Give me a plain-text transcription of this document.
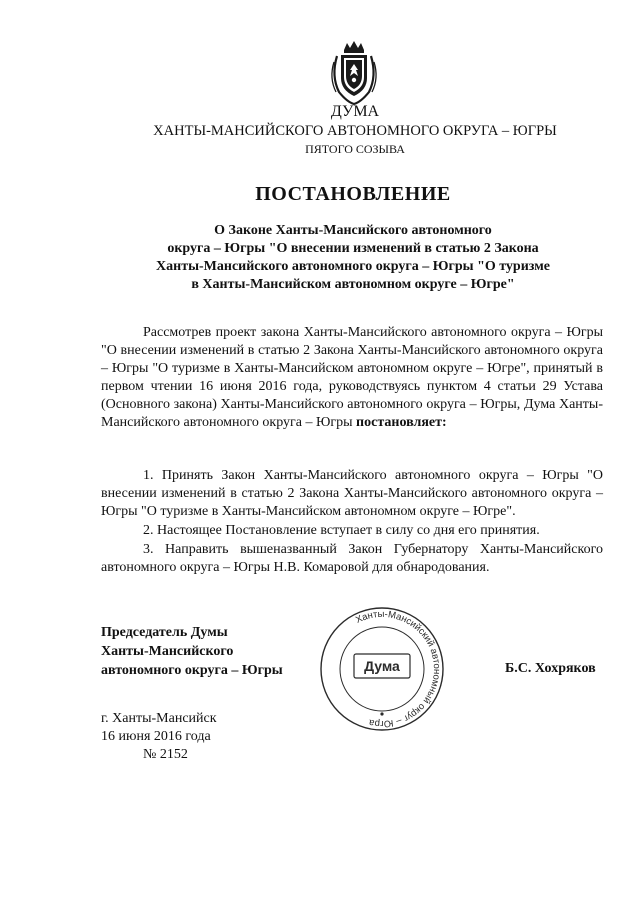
ДУМА
ХАНТЫ-МАНСИЙСКОГО АВТОНОМНОГО ОКРУГА – ЮГРЫ
ПЯТОГО СОЗЫВА
ПОСТАНОВЛЕНИЕ
О Законе Ханты-Мансийского автономного
округа – Югры "О внесении изменений в статью 2 Закона
Ханты-Мансийского автономного округа – Югры "О туризме
в Ханты-Мансийском автономном округе – Югре"
Рассмотрев проект закона Ханты-Мансийского автономного округа – Югры "О внесении изменений в статью 2 Закона Ханты-Мансийского автономного округа – Югры "О туризме в Ханты-Мансийском автономном округе – Югре", принятый в первом чтении 16 июня 2016 года, руководствуясь пунктом 4 статьи 29 Устава (Основного закона) Ханты-Мансийского автономного округа – Югры, Дума Ханты-Мансийского автономного округа – Югры постановляет:

1. Принять Закон Ханты-Мансийского автономного округа – Югры "О внесении изменений в статью 2 Закона Ханты-Мансийского автономного округа – Югры "О туризме в Ханты-Мансийском автономном округе – Югре".

2. Настоящее Постановление вступает в силу со дня его принятия.

3. Направить вышеназванный Закон Губернатору Ханты-Мансийского автономного округа – Югры Н.В. Комаровой для обнародования.

Председатель Думы
Ханты-Мансийского
автономного округа – Югры
Ханты-Мансийский автономный округ – Югра
Дума	Б.С. Хохряков
г. Ханты-Мансийск
16 июня 2016 года
№ 2152
